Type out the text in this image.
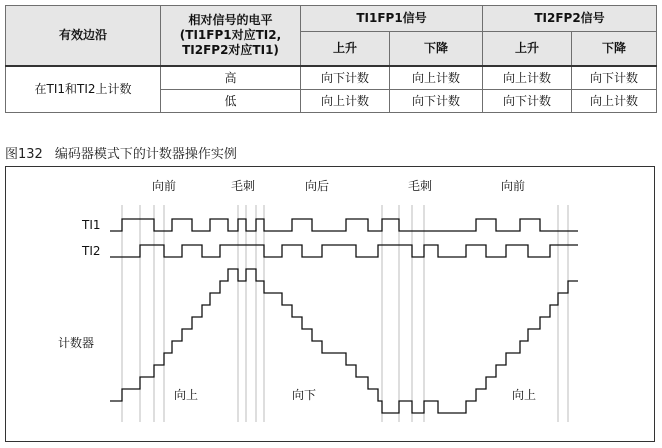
有效边沿	相对信号的电平
(TI1FP1对应TI2,
TI2FP2对应TI1)	TI1FP1信号		TI2FP2信号	
		上升	下降	上升	下降
在TI1和TI2上计数	高	向下计数	向上计数	向上计数	向下计数
	低	向上计数	向下计数	向下计数	向上计数
图132 编码器模式下的计数器操作实例
向前	毛刺	向后	毛刺	向前
TI1
TI2
计数器
向上	向下	向上
